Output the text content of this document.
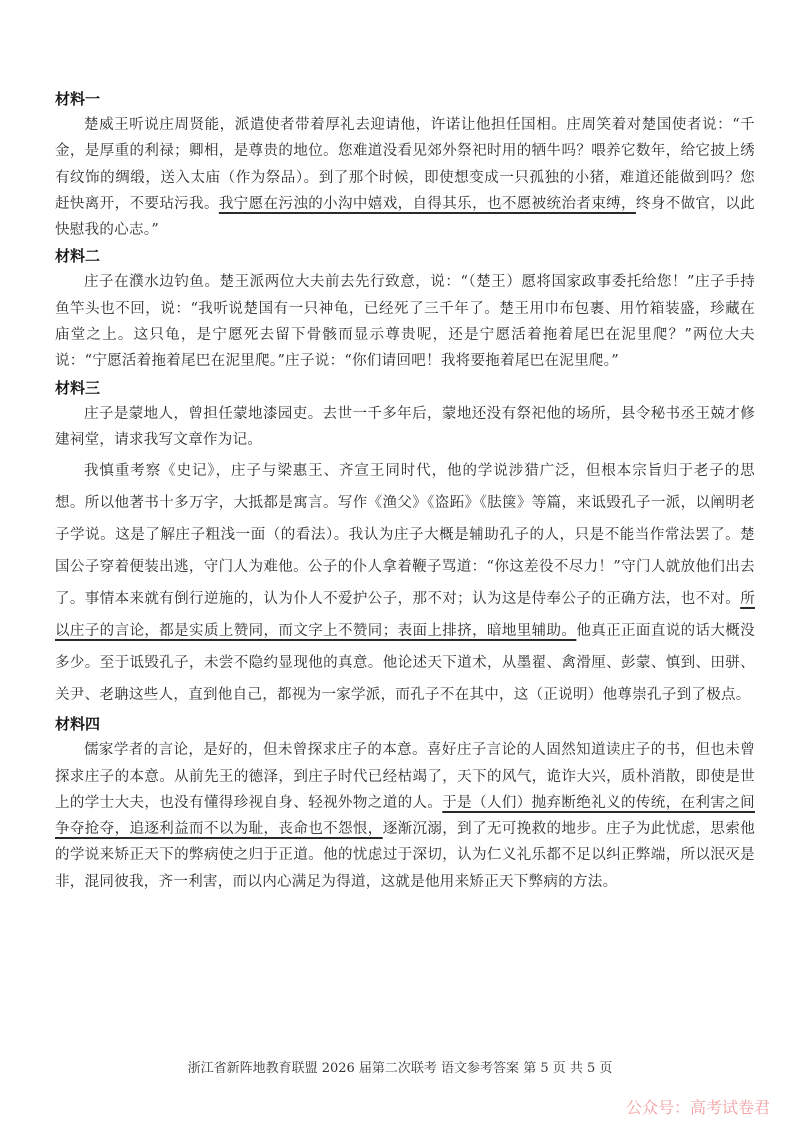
材料一

楚威王听说庄周贤能，派遣使者带着厚礼去迎请他，许诺让他担任国相。庄周笑着对楚国使者说：“千金，是厚重的利禄；卿相，是尊贵的地位。您难道没看见郊外祭祀时用的牺牛吗？喂养它数年，给它披上绣有纹饰的绸缎，送入太庙（作为祭品）。到了那个时候，即使想变成一只孤独的小猪，难道还能做到吗？您赶快离开，不要玷污我。我宁愿在污浊的小沟中嬉戏，自得其乐，也不愿被统治者束缚，终身不做官，以此快慰我的心志。”

材料二

庄子在濮水边钓鱼。楚王派两位大夫前去先行致意，说：“（楚王）愿将国家政事委托给您！”庄子手持鱼竿头也不回，说：“我听说楚国有一只神龟，已经死了三千年了。楚王用巾布包裹、用竹箱装盛，珍藏在庙堂之上。这只龟，是宁愿死去留下骨骸而显示尊贵呢，还是宁愿活着拖着尾巴在泥里爬？”两位大夫说：“宁愿活着拖着尾巴在泥里爬。”庄子说：“你们请回吧！我将要拖着尾巴在泥里爬。”

材料三

庄子是蒙地人，曾担任蒙地漆园吏。去世一千多年后，蒙地还没有祭祀他的场所，县令秘书丞王兢才修建祠堂，请求我写文章作为记。

我慎重考察《史记》，庄子与梁惠王、齐宣王同时代，他的学说涉猎广泛，但根本宗旨归于老子的思想。所以他著书十多万字，大抵都是寓言。写作《渔父》《盗跖》《胠箧》等篇，来诋毁孔子一派，以阐明老子学说。这是了解庄子粗浅一面（的看法）。我认为庄子大概是辅助孔子的人，只是不能当作常法罢了。楚国公子穿着便装出逃，守门人为难他。公子的仆人拿着鞭子骂道：“你这差役不尽力！”守门人就放他们出去了。事情本来就有倒行逆施的，认为仆人不爱护公子，那不对；认为这是侍奉公子的正确方法，也不对。所以庄子的言论，都是实质上赞同，而文字上不赞同；表面上排挤，暗地里辅助。他真正正面直说的话大概没多少。至于诋毁孔子，未尝不隐约显现他的真意。他论述天下道术，从墨翟、禽滑厘、彭蒙、慎到、田骈、关尹、老聃这些人，直到他自己，都视为一家学派，而孔子不在其中，这（正说明）他尊崇孔子到了极点。

材料四

儒家学者的言论，是好的，但未曾探求庄子的本意。喜好庄子言论的人固然知道读庄子的书，但也未曾探求庄子的本意。从前先王的德泽，到庄子时代已经枯竭了，天下的风气，诡诈大兴，质朴消散，即使是世上的学士大夫，也没有懂得珍视自身、轻视外物之道的人。于是（人们）抛弃断绝礼义的传统，在利害之间争夺抢夺，追逐利益而不以为耻，丧命也不怨恨，逐渐沉溺，到了无可挽救的地步。庄子为此忧虑，思索他的学说来矫正天下的弊病使之归于正道。他的忧虑过于深切，认为仁义礼乐都不足以纠正弊端，所以泯灭是非，混同彼我，齐一利害，而以内心满足为得道，这就是他用来矫正天下弊病的方法。

浙江省新阵地教育联盟 2026 届第二次联考 语文参考答案 第 5 页 共 5 页
公众号：高考试卷君
